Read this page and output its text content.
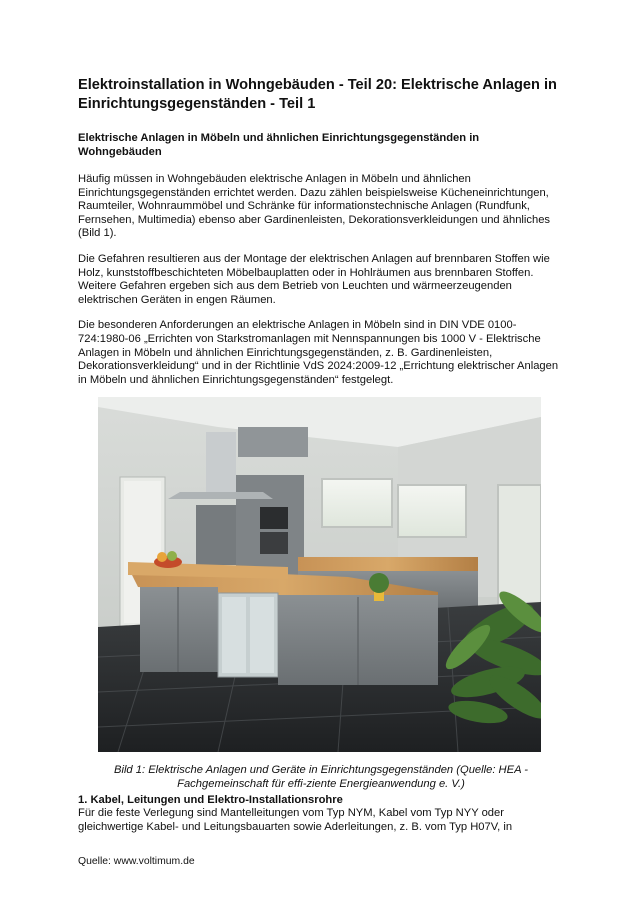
Elektroinstallation in Wohngebäuden - Teil 20: Elektrische Anlagen in Einrichtungsgegenständen - Teil 1
Elektrische Anlagen in Möbeln und ähnlichen Einrichtungsgegenständen in Wohngebäuden

Häufig müssen in Wohngebäuden elektrische Anlagen in Möbeln und ähnlichen Einrichtungsgegenständen errichtet werden. Dazu zählen beispielsweise Kücheneinrichtungen, Raumteiler, Wohnraummöbel und Schränke für informationstechnische Anlagen (Rundfunk, Fernsehen, Multimedia) ebenso aber Gardinenleisten, Dekorationsverkleidungen und ähnliches (Bild 1).

Die Gefahren resultieren aus der Montage der elektrischen Anlagen auf brennbaren Stoffen wie Holz, kunststoffbeschichteten Möbelbauplatten oder in Hohlräumen aus brennbaren Stoffen. Weitere Gefahren ergeben sich aus dem Betrieb von Leuchten und wärmeerzeugenden elektrischen Geräten in engen Räumen.

Die besonderen Anforderungen an elektrische Anlagen in Möbeln sind in DIN VDE 0100-724:1980-06 „Errichten von Starkstromanlagen mit Nennspannungen bis 1000 V - Elektrische Anlagen in Möbeln und ähnlichen Einrichtungsgegenständen, z. B. Gardinenleisten, Dekorationsverkleidung“ und in der Richtlinie VdS 2024:2009-12 „Errichtung elektrischer Anlagen in Möbeln und ähnlichen Einrichtungsgegenständen“ festgelegt.

Bild 1: Elektrische Anlagen und Geräte in Einrichtungsgegenständen (Quelle: HEA - Fachgemeinschaft für effi-ziente Energieanwendung e. V.)

1. Kabel, Leitungen und Elektro-Installationsrohre

Für die feste Verlegung sind Mantelleitungen vom Typ NYM, Kabel vom Typ NYY oder gleichwertige Kabel- und Leitungsbauarten sowie Aderleitungen, z. B. vom Typ H07V, in

Quelle: www.voltimum.de
